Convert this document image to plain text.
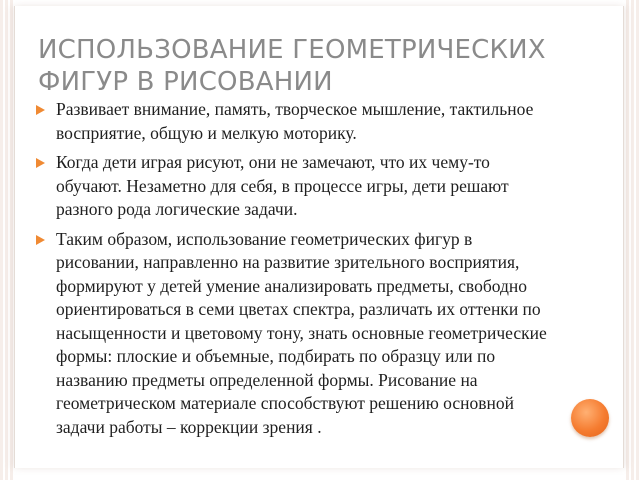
ИСПОЛЬЗОВАНИЕ ГЕОМЕТРИЧЕСКИХ ФИГУР В РИСОВАНИИ
Развивает внимание, память, творческое мышление, тактильное восприятие, общую и мелкую моторику.
Когда дети играя рисуют, они не замечают, что их чему-то обучают. Незаметно для себя, в процессе игры, дети решают разного рода логические задачи.
Таким образом, использование геометрических фигур в рисовании, направленно на развитие зрительного восприятия, формируют у детей умение анализировать предметы, свободно ориентироваться в семи цветах спектра, различать их оттенки по насыщенности и цветовому тону, знать основные геометрические формы: плоские и объемные, подбирать по образцу или по названию предметы определенной формы. Рисование на геометрическом материале способствуют решению основной задачи работы – коррекции зрения .
